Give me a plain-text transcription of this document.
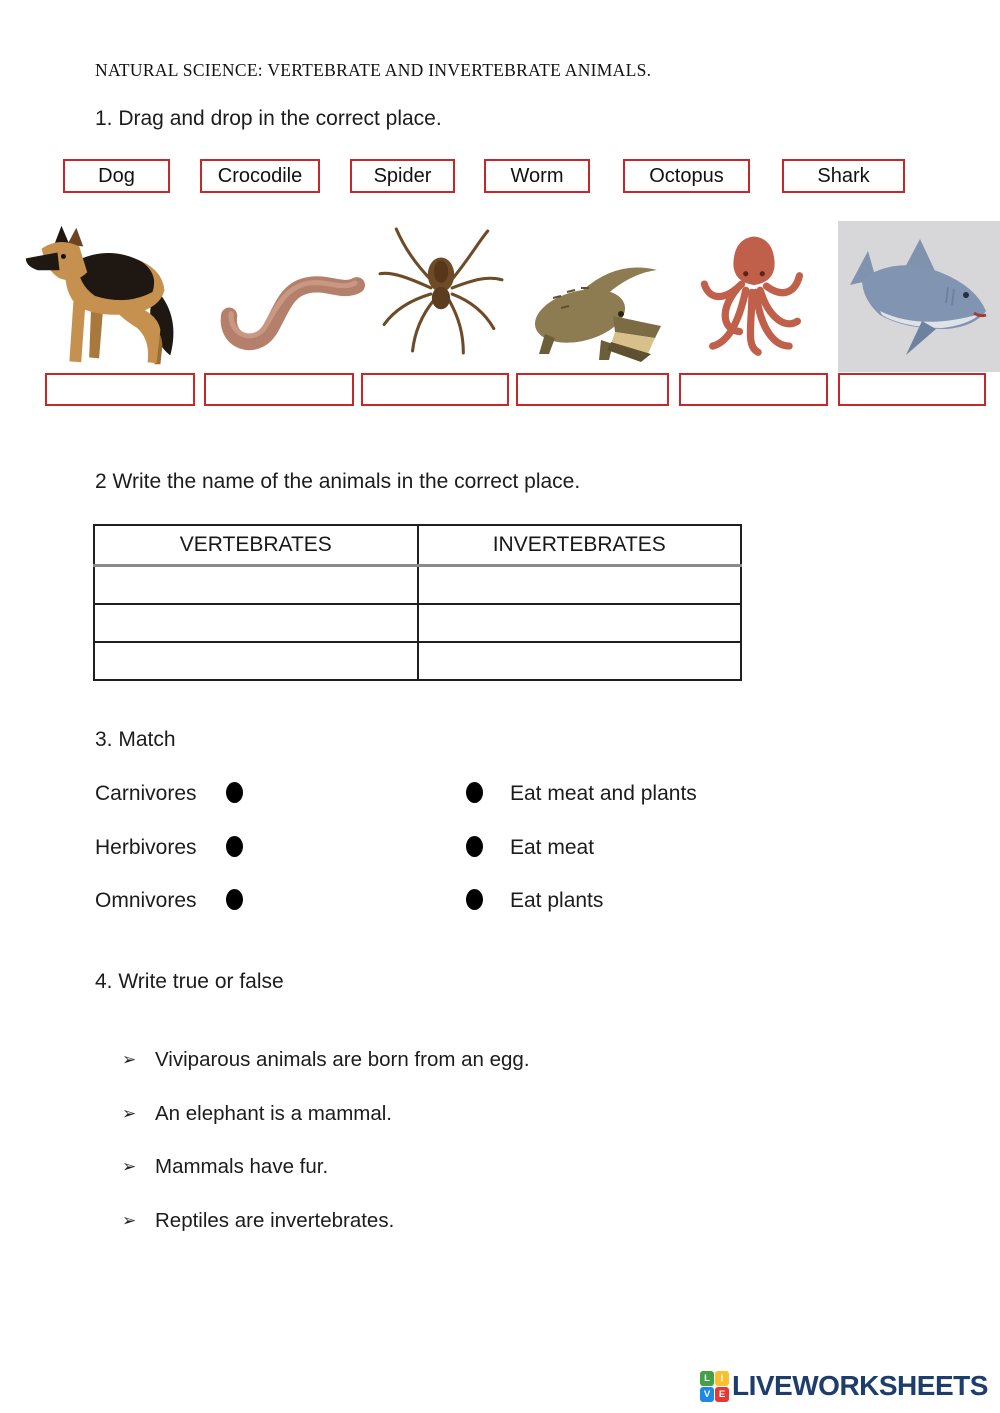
NATURAL SCIENCE: VERTEBRATE AND INVERTEBRATE ANIMALS.
1. Drag and drop in the correct place.
Dog	Crocodile	Spider	Worm	Octopus	Shark
2 Write the name of the animals in the correct place.
VERTEBRATES	INVERTEBRATES

3. Match
Carnivores	Eat meat and plants
Herbivores	Eat meat
Omnivores	Eat plants
4. Write true or false
➢ Viviparous animals are born from an egg.
➢ An elephant is a mammal.
➢ Mammals have fur.
➢ Reptiles are invertebrates.
L	I
V E LIVEWORKSHEETS
